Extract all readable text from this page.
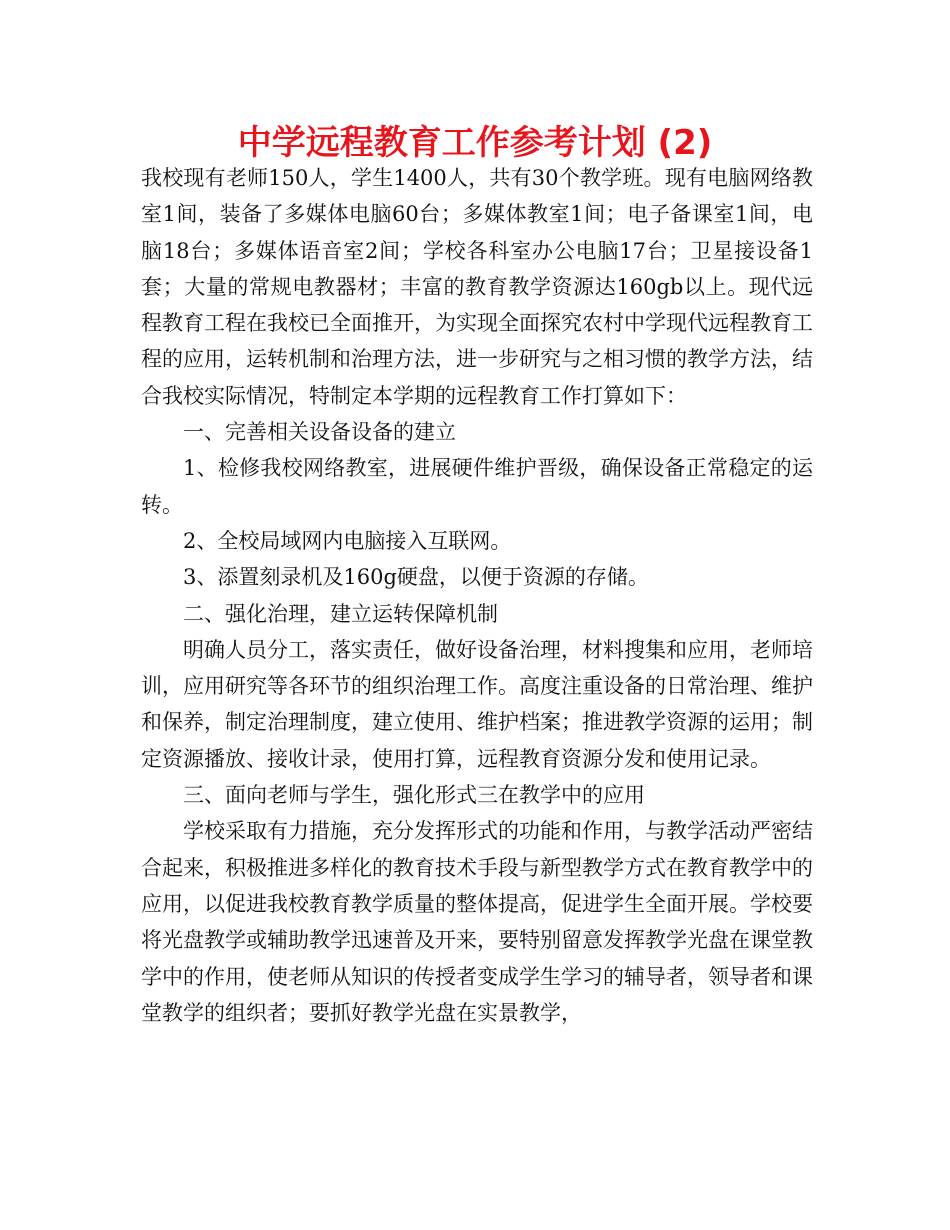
中学远程教育工作参考计划 (2)

我校现有老师150人，学生1400人，共有30个教学班。现有电脑网络教室1间，装备了多媒体电脑60台；多媒体教室1间；电子备课室1间，电脑18台；多媒体语音室2间；学校各科室办公电脑17台；卫星接设备1套；大量的常规电教器材；丰富的教育教学资源达160gb以上。现代远程教育工程在我校已全面推开，为实现全面探究农村中学现代远程教育工程的应用，运转机制和治理方法，进一步研究与之相习惯的教学方法，结合我校实际情况，特制定本学期的远程教育工作打算如下：

一、完善相关设备设备的建立

1、检修我校网络教室，进展硬件维护晋级，确保设备正常稳定的运转。

2、全校局域网内电脑接入互联网。

3、添置刻录机及160g硬盘，以便于资源的存储。

二、强化治理，建立运转保障机制

明确人员分工，落实责任，做好设备治理，材料搜集和应用，老师培训，应用研究等各环节的组织治理工作。高度注重设备的日常治理、维护和保养，制定治理制度，建立使用、维护档案；推进教学资源的运用；制定资源播放、接收计录，使用打算，远程教育资源分发和使用记录。

三、面向老师与学生，强化形式三在教学中的应用

学校采取有力措施，充分发挥形式的功能和作用，与教学活动严密结合起来，积极推进多样化的教育技术手段与新型教学方式在教育教学中的应用，以促进我校教育教学质量的整体提高，促进学生全面开展。学校要将光盘教学或辅助教学迅速普及开来，要特别留意发挥教学光盘在课堂教学中的作用，使老师从知识的传授者变成学生学习的辅导者，领导者和课堂教学的组织者；要抓好教学光盘在实景教学，
